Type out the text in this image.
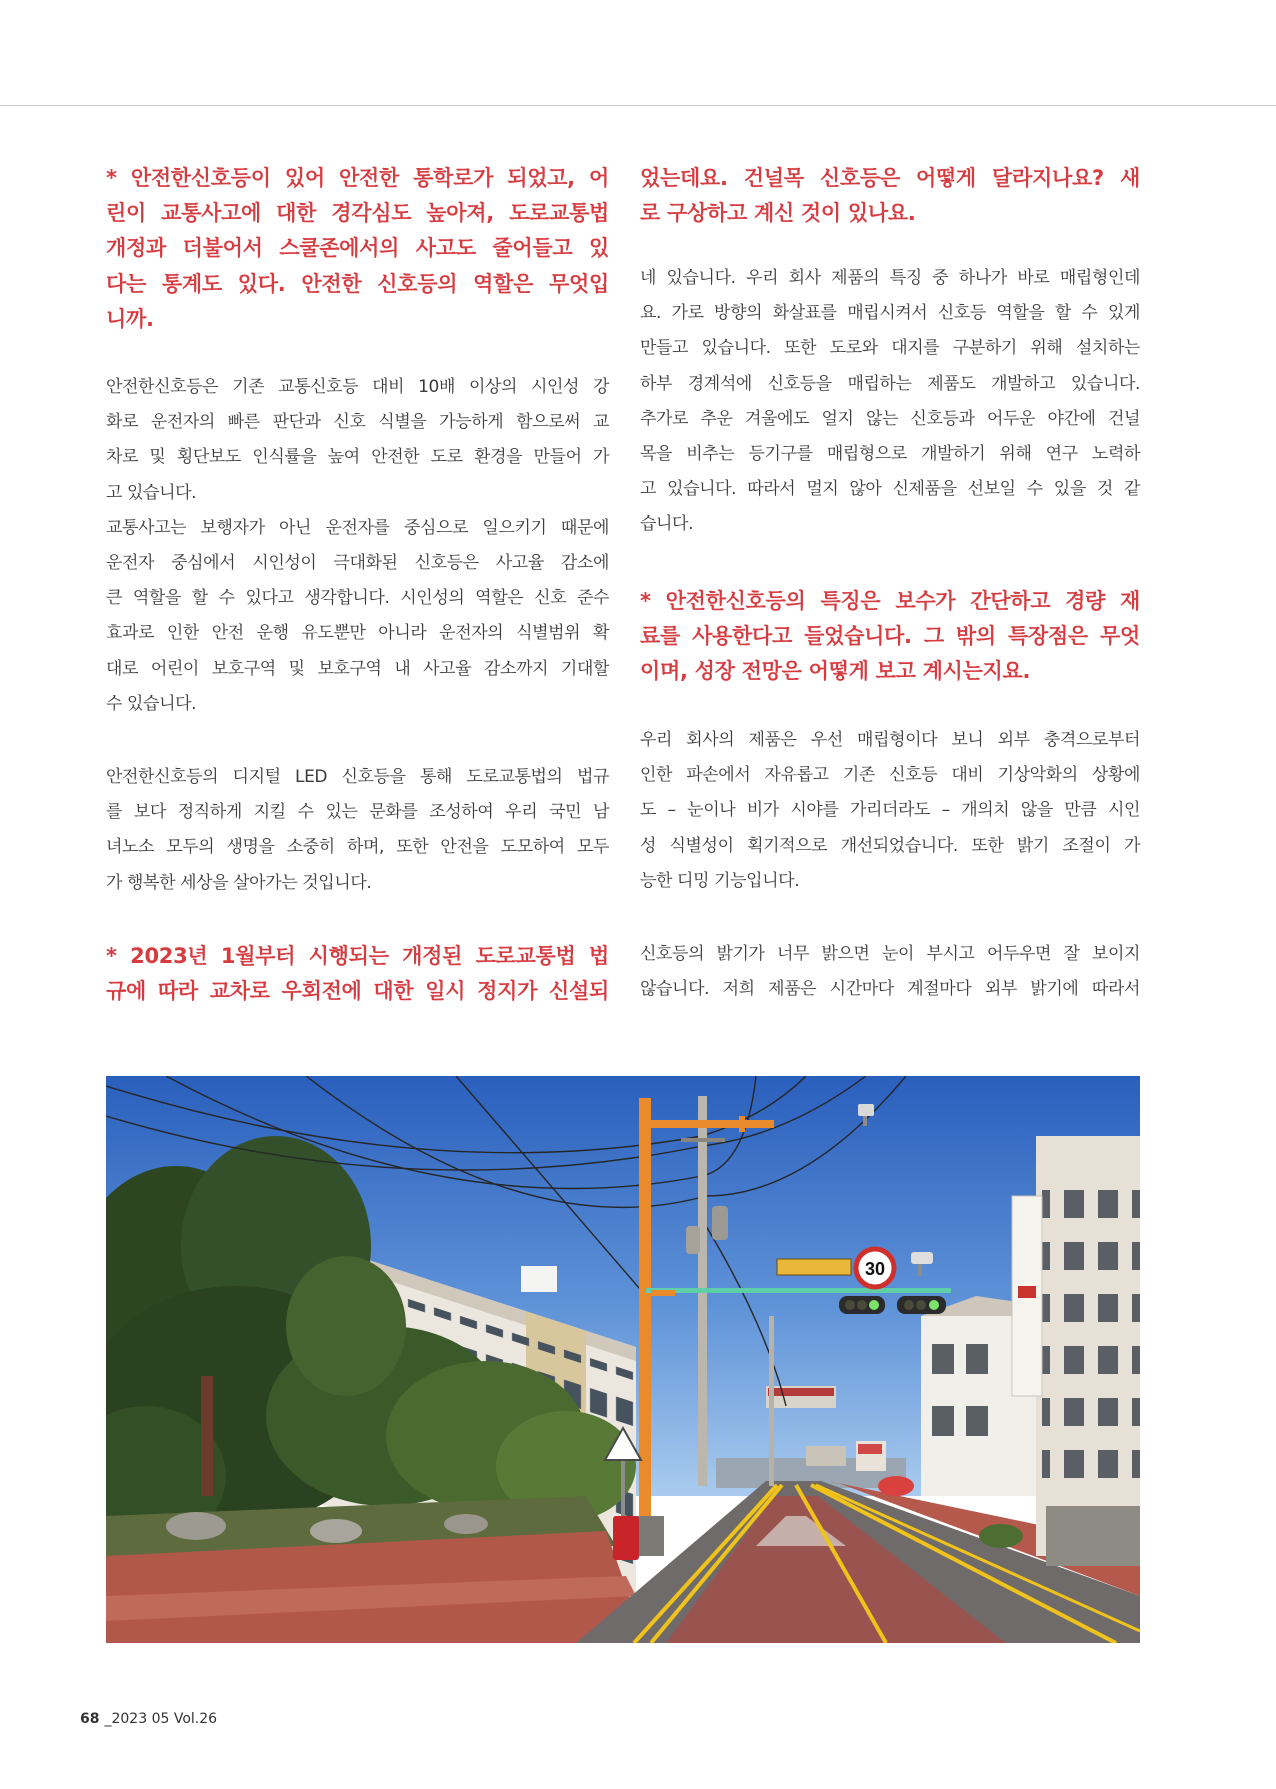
* 안전한신호등이 있어 안전한 통학로가 되었고, 어
린이 교통사고에 대한 경각심도 높아져, 도로교통법
개정과 더불어서 스쿨존에서의 사고도 줄어들고 있
다는 통계도 있다. 안전한 신호등의 역할은 무엇입
니까.
안전한신호등은 기존 교통신호등 대비 10배 이상의 시인성 강
화로 운전자의 빠른 판단과 신호 식별을 가능하게 함으로써 교
차로 및 횡단보도 인식률을 높여 안전한 도로 환경을 만들어 가
고 있습니다.
교통사고는 보행자가 아닌 운전자를 중심으로 일으키기 때문에
운전자 중심에서 시인성이 극대화된 신호등은 사고율 감소에
큰 역할을 할 수 있다고 생각합니다. 시인성의 역할은 신호 준수
효과로 인한 안전 운행 유도뿐만 아니라 운전자의 식별범위 확
대로 어린이 보호구역 및 보호구역 내 사고율 감소까지 기대할
수 있습니다.
안전한신호등의 디지털 LED 신호등을 통해 도로교통법의 법규
를 보다 정직하게 지킬 수 있는 문화를 조성하여 우리 국민 남
녀노소 모두의 생명을 소중히 하며, 또한 안전을 도모하여 모두
가 행복한 세상을 살아가는 것입니다.
* 2023년 1월부터 시행되는 개정된 도로교통법 법
규에 따라 교차로 우회전에 대한 일시 정지가 신설되
었는데요. 건널목 신호등은 어떻게 달라지나요? 새
로 구상하고 계신 것이 있나요.
네 있습니다. 우리 회사 제품의 특징 중 하나가 바로 매립형인데
요. 가로 방향의 화살표를 매립시켜서 신호등 역할을 할 수 있게
만들고 있습니다. 또한 도로와 대지를 구분하기 위해 설치하는
하부 경계석에 신호등을 매립하는 제품도 개발하고 있습니다.
추가로 추운 겨울에도 얼지 않는 신호등과 어두운 야간에 건널
목을 비추는 등기구를 매립형으로 개발하기 위해 연구 노력하
고 있습니다. 따라서 멀지 않아 신제품을 선보일 수 있을 것 같
습니다.
* 안전한신호등의 특징은 보수가 간단하고 경량 재
료를 사용한다고 들었습니다. 그 밖의 특장점은 무엇
이며, 성장 전망은 어떻게 보고 계시는지요.
우리 회사의 제품은 우선 매립형이다 보니 외부 충격으로부터
인한 파손에서 자유롭고 기존 신호등 대비 기상악화의 상황에
도 – 눈이나 비가 시야를 가리더라도 – 개의치 않을 만큼 시인
성 식별성이 획기적으로 개선되었습니다. 또한 밝기 조절이 가
능한 디밍 기능입니다.
신호등의 밝기가 너무 밝으면 눈이 부시고 어두우면 잘 보이지
않습니다. 저희 제품은 시간마다 계절마다 외부 밝기에 따라서
30
68 _2023 05 Vol.26
